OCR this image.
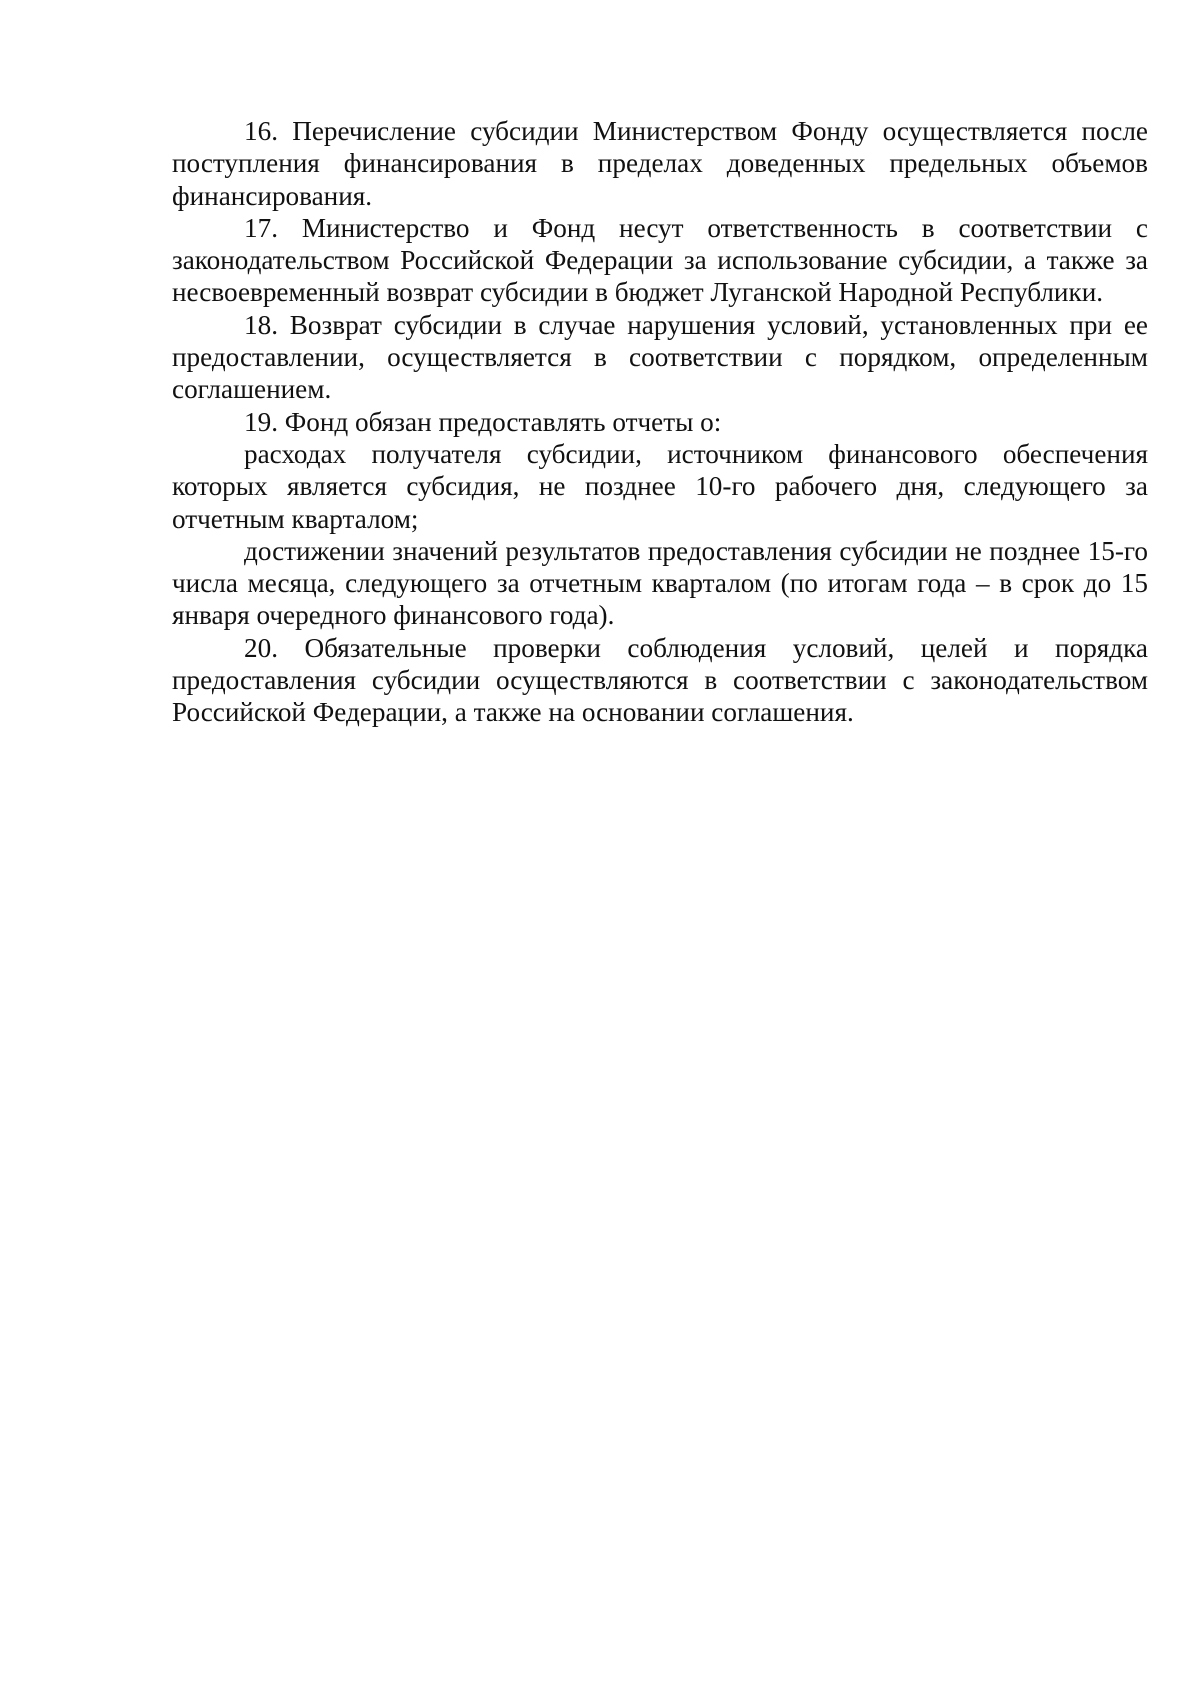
16. Перечисление субсидии Министерством Фонду осуществляется после поступления финансирования в пределах доведенных предельных объемов финансирования.

17. Министерство и Фонд несут ответственность в соответствии с законодательством Российской Федерации за использование субсидии, а также за несвоевременный возврат субсидии в бюджет Луганской Народной Республики.

18. Возврат субсидии в случае нарушения условий, установленных при ее предоставлении, осуществляется в соответствии с порядком, определенным соглашением.

19. Фонд обязан предоставлять отчеты о:

расходах получателя субсидии, источником финансового обеспечения которых является субсидия, не позднее 10-го рабочего дня, следующего за отчетным кварталом;

достижении значений результатов предоставления субсидии не позднее 15-го числа месяца, следующего за отчетным кварталом (по итогам года – в срок до 15 января очередного финансового года).

20. Обязательные проверки соблюдения условий, целей и порядка предоставления субсидии осуществляются в соответствии с законодательством Российской Федерации, а также на основании соглашения.
